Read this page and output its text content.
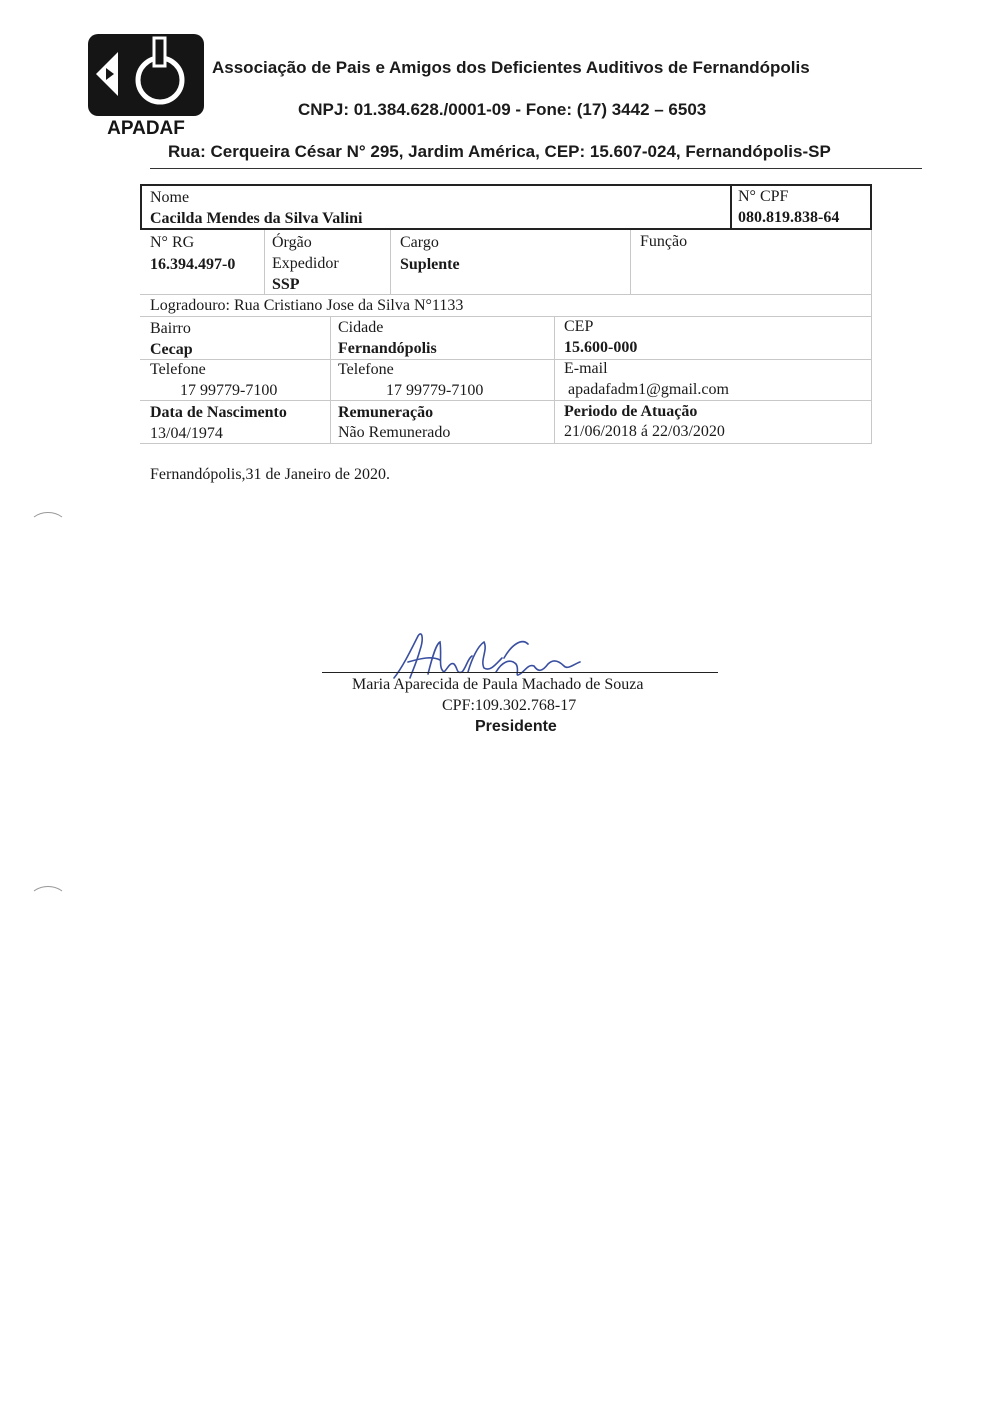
APADAF
Associação de Pais e Amigos dos Deficientes Auditivos de Fernandópolis
CNPJ: 01.384.628./0001-09 - Fone: (17) 3442 – 6503
Rua: Cerqueira César N° 295, Jardim América, CEP: 15.607-024, Fernandópolis-SP
Nome
Cacilda Mendes da Silva Valini
N° CPF
080.819.838-64
N° RG
16.394.497-0
Órgão
Expedidor
SSP
Cargo
Suplente
Função
Logradouro: Rua Cristiano Jose da Silva N°1133
Bairro
Cecap
Cidade
Fernandópolis
CEP
15.600-000
Telefone
17 99779-7100
Telefone
17 99779-7100
E-mail
apadafadm1@gmail.com
Data de Nascimento
13/04/1974
Remuneração
Não Remunerado
Periodo de Atuação
21/06/2018 á 22/03/2020
Fernandópolis,31 de Janeiro de 2020.
Maria Aparecida de Paula Machado de Souza
CPF:109.302.768-17
Presidente
